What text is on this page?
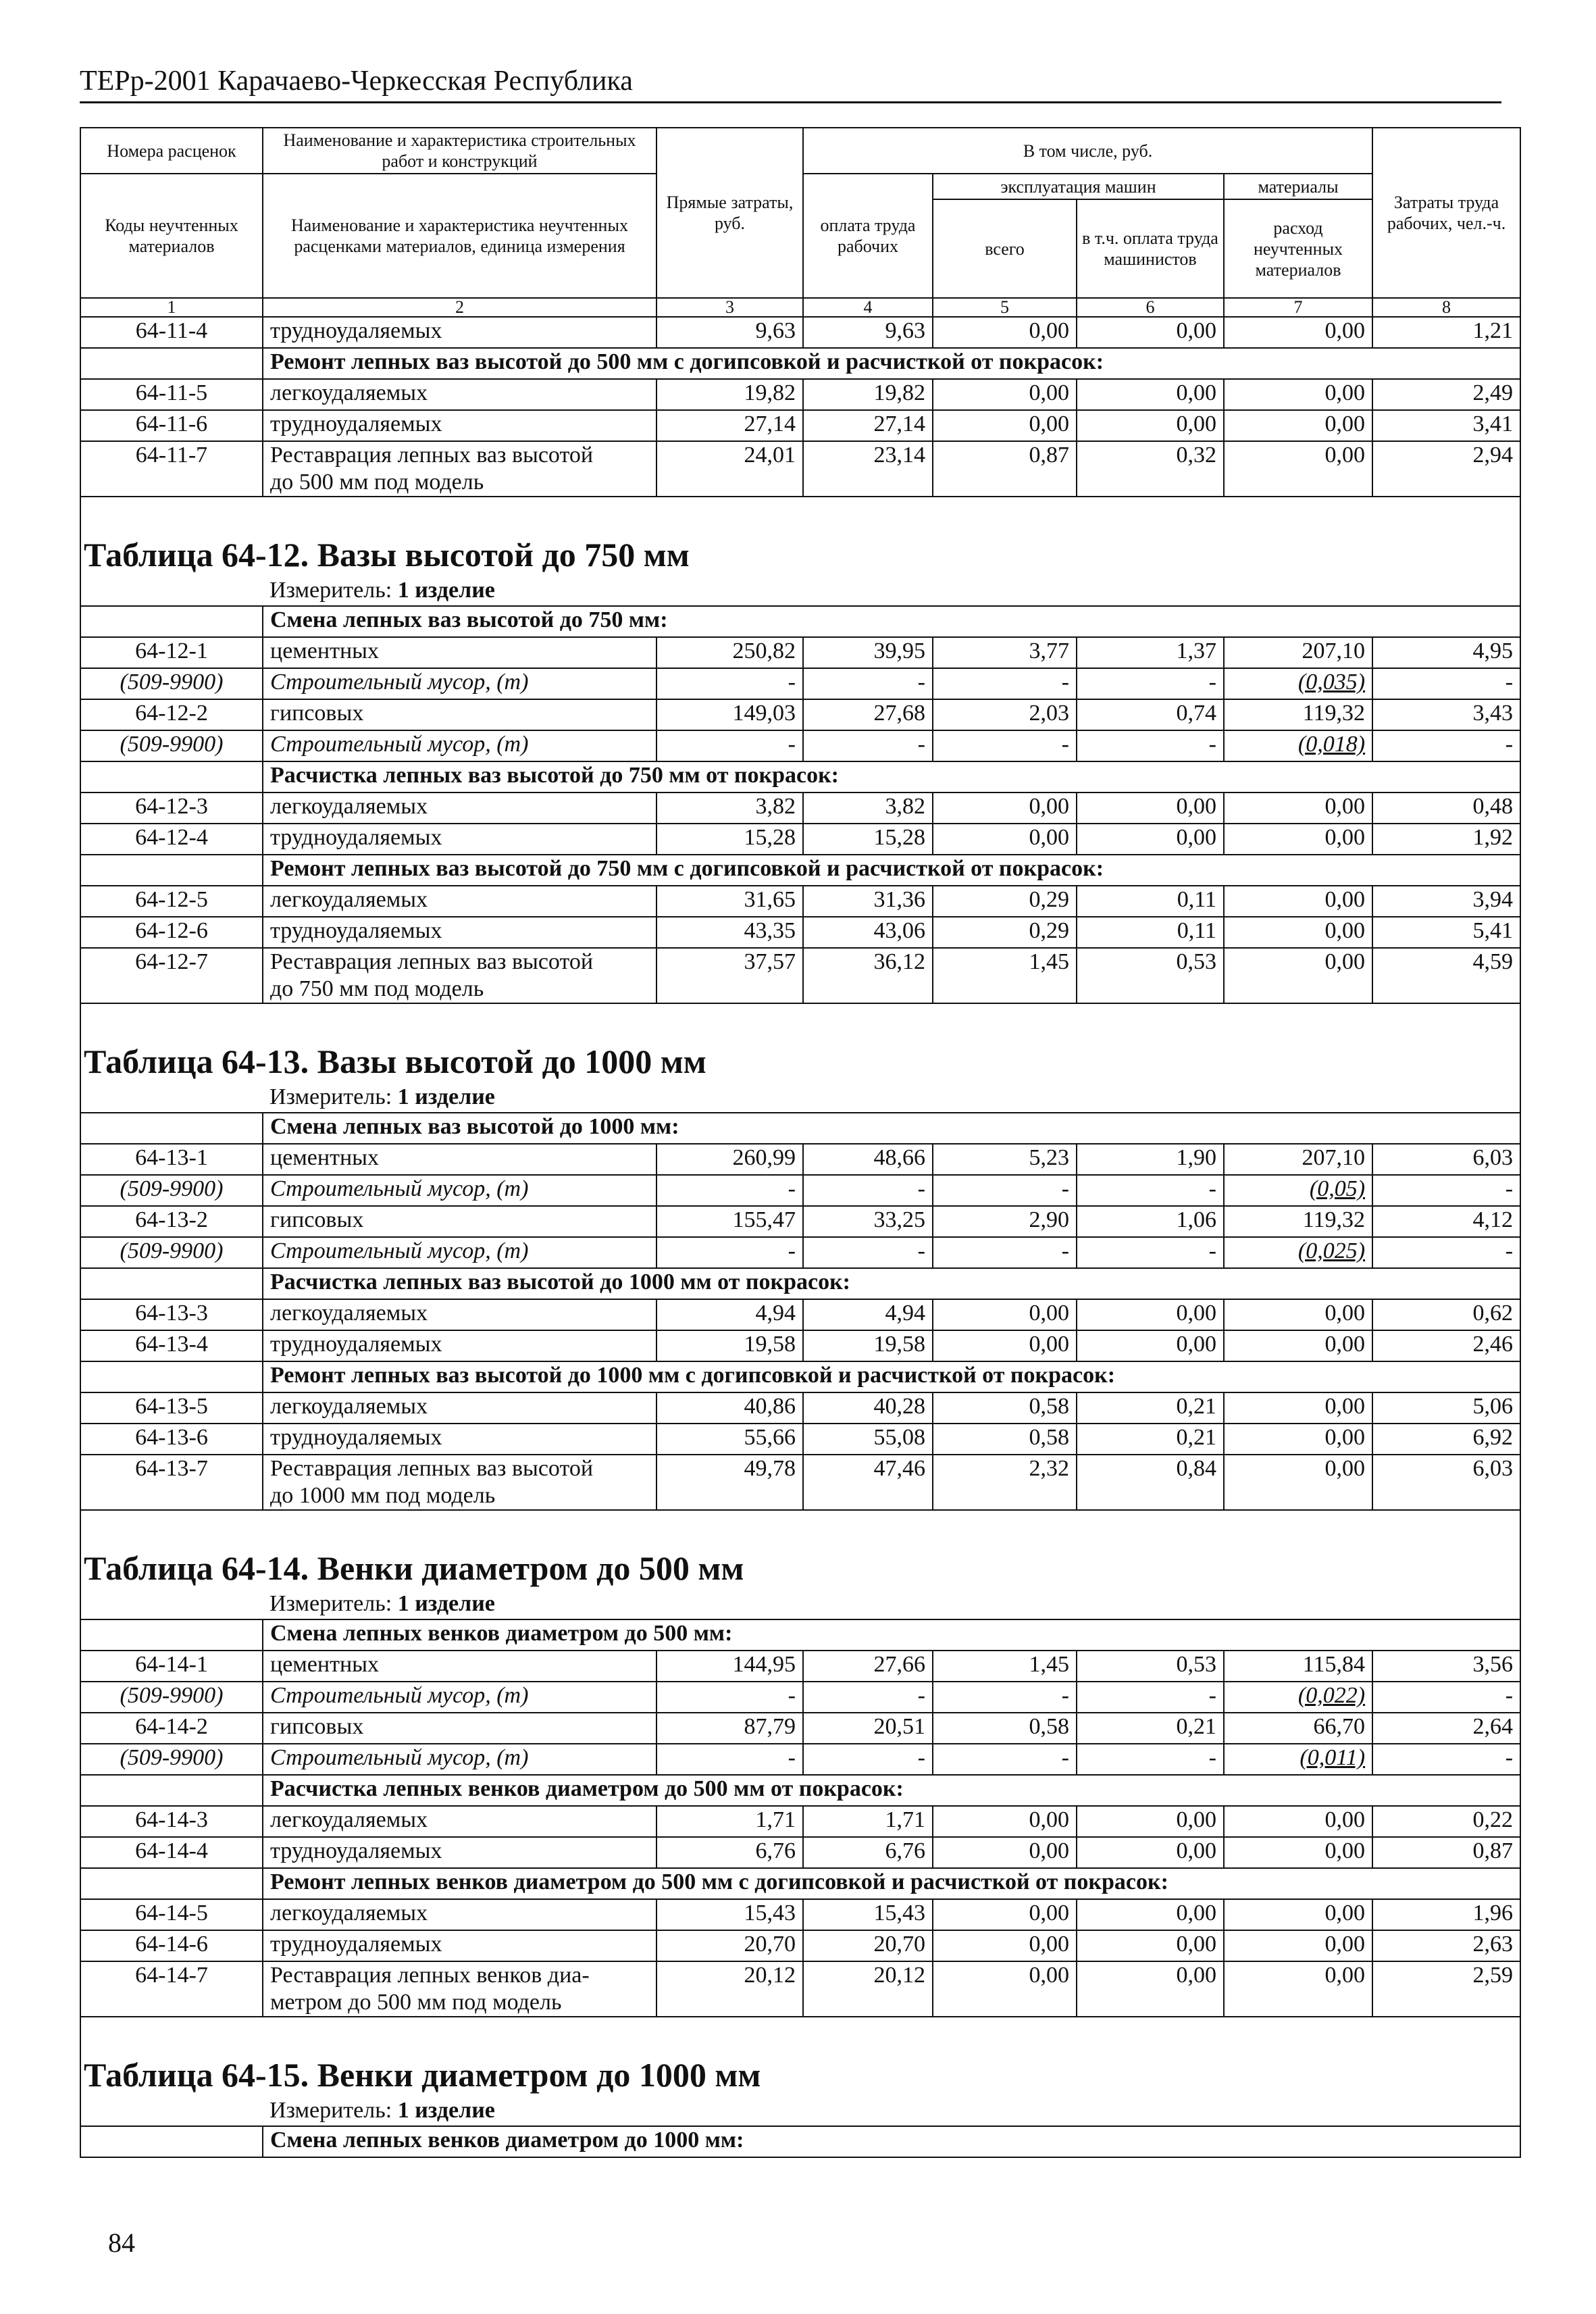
ТЕРр-2001 Карачаево-Черкесская Республика
Номера расценок	Наименование и характеристика строительных работ и конструкций	Прямые затраты, руб.	В том числе, руб.				Затраты труда рабочих, чел.-ч.
Коды неучтенных материалов	Наименование и характеристика неучтенных расценками материалов, единица измерения		оплата труда рабочих	эксплуатация машин		материалы	
				всего	в т.ч. оплата труда машинистов	расход неучтенных материалов	
1	2	3	4	5	6	7	8
64-11-4	трудноудаляемых	9,63	9,63	0,00	0,00	0,00	1,21
	Ремонт лепных ваз высотой до 500 мм с догипсовкой и расчисткой от покрасок:						
64-11-5	легкоудаляемых	19,82	19,82	0,00	0,00	0,00	2,49
64-11-6	трудноудаляемых	27,14	27,14	0,00	0,00	0,00	3,41
64-11-7	Реставрация лепных ваз высотой
до 500 мм под модель	24,01	23,14	0,87	0,32	0,00	2,94
Таблица 64-12. Вазы высотой до 750 мм							
	Измеритель: 1 изделие						
	Смена лепных ваз высотой до 750 мм:						
64-12-1	цементных	250,82	39,95	3,77	1,37	207,10	4,95
(509-9900)	Строительный мусор, (т)	-	-	-	-	(0,035)	-
64-12-2	гипсовых	149,03	27,68	2,03	0,74	119,32	3,43
(509-9900)	Строительный мусор, (т)	-	-	-	-	(0,018)	-
	Расчистка лепных ваз высотой до 750 мм от покрасок:						
64-12-3	легкоудаляемых	3,82	3,82	0,00	0,00	0,00	0,48
64-12-4	трудноудаляемых	15,28	15,28	0,00	0,00	0,00	1,92
	Ремонт лепных ваз высотой до 750 мм с догипсовкой и расчисткой от покрасок:						
64-12-5	легкоудаляемых	31,65	31,36	0,29	0,11	0,00	3,94
64-12-6	трудноудаляемых	43,35	43,06	0,29	0,11	0,00	5,41
64-12-7	Реставрация лепных ваз высотой
до 750 мм под модель	37,57	36,12	1,45	0,53	0,00	4,59
Таблица 64-13. Вазы высотой до 1000 мм							
	Измеритель: 1 изделие						
	Смена лепных ваз высотой до 1000 мм:						
64-13-1	цементных	260,99	48,66	5,23	1,90	207,10	6,03
(509-9900)	Строительный мусор, (т)	-	-	-	-	(0,05)	-
64-13-2	гипсовых	155,47	33,25	2,90	1,06	119,32	4,12
(509-9900)	Строительный мусор, (т)	-	-	-	-	(0,025)	-
	Расчистка лепных ваз высотой до 1000 мм от покрасок:						
64-13-3	легкоудаляемых	4,94	4,94	0,00	0,00	0,00	0,62
64-13-4	трудноудаляемых	19,58	19,58	0,00	0,00	0,00	2,46
	Ремонт лепных ваз высотой до 1000 мм с догипсовкой и расчисткой от покрасок:						
64-13-5	легкоудаляемых	40,86	40,28	0,58	0,21	0,00	5,06
64-13-6	трудноудаляемых	55,66	55,08	0,58	0,21	0,00	6,92
64-13-7	Реставрация лепных ваз высотой
до 1000 мм под модель	49,78	47,46	2,32	0,84	0,00	6,03
Таблица 64-14. Венки диаметром до 500 мм							
	Измеритель: 1 изделие						
	Смена лепных венков диаметром до 500 мм:						
64-14-1	цементных	144,95	27,66	1,45	0,53	115,84	3,56
(509-9900)	Строительный мусор, (т)	-	-	-	-	(0,022)	-
64-14-2	гипсовых	87,79	20,51	0,58	0,21	66,70	2,64
(509-9900)	Строительный мусор, (т)	-	-	-	-	(0,011)	-
	Расчистка лепных венков диаметром до 500 мм от покрасок:						
64-14-3	легкоудаляемых	1,71	1,71	0,00	0,00	0,00	0,22
64-14-4	трудноудаляемых	6,76	6,76	0,00	0,00	0,00	0,87
	Ремонт лепных венков диаметром до 500 мм с догипсовкой и расчисткой от покрасок:						
64-14-5	легкоудаляемых	15,43	15,43	0,00	0,00	0,00	1,96
64-14-6	трудноудаляемых	20,70	20,70	0,00	0,00	0,00	2,63
64-14-7	Реставрация лепных венков диа-
метром до 500 мм под модель	20,12	20,12	0,00	0,00	0,00	2,59
Таблица 64-15. Венки диаметром до 1000 мм							
	Измеритель: 1 изделие						
	Смена лепных венков диаметром до 1000 мм:						
84
